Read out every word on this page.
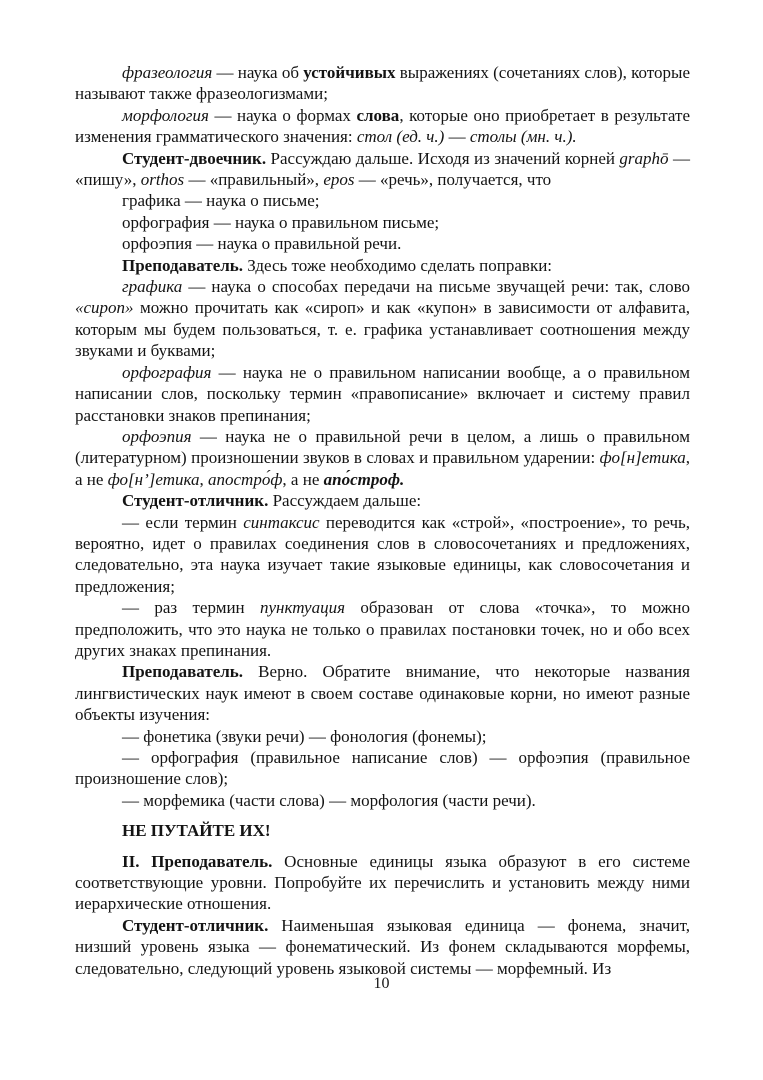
фразеология — наука об устойчивых выражениях (сочетаниях слов), которые называют также фразеологизмами;

морфология — наука о формах слова, которые оно приобретает в результате изменения грамматического значения: стол (ед. ч.) — столы (мн. ч.).

Студент-двоечник. Рассуждаю дальше. Исходя из значений корней graphō — «пишу», orthos — «правильный», epos — «речь», получается, что

графика — наука о письме;

орфография — наука о правильном письме;

орфоэпия — наука о правильной речи.

Преподаватель. Здесь тоже необходимо сделать поправки:

графика — наука о способах передачи на письме звучащей речи: так, слово «сироп» можно прочитать как «сироп» и как «купон» в зависимости от алфавита, которым мы будем пользоваться, т. е. графика устанавливает соотношения между звуками и буквами;

орфография — наука не о правильном написании вообще, а о правильном написании слов, поскольку термин «правописание» включает и систему правил расстановки знаков препинания;

орфоэпия — наука не о правильной речи в целом, а лишь о правильном (литературном) произношении звуков в словах и правильном ударении: фо[н]етика, а не фо[н’]етика, апостро́ф, а не апо́строф.

Студент-отличник. Рассуждаем дальше:

— если термин синтаксис переводится как «строй», «построение», то речь, вероятно, идет о правилах соединения слов в словосочетаниях и предложениях, следовательно, эта наука изучает такие языковые единицы, как словосочетания и предложения;

— раз термин пунктуация образован от слова «точка», то можно предположить, что это наука не только о правилах постановки точек, но и обо всех других знаках препинания.

Преподаватель. Верно. Обратите внимание, что некоторые названия лингвистических наук имеют в своем составе одинаковые корни, но имеют разные объекты изучения:

— фонетика (звуки речи) — фонология (фонемы);

— орфография (правильное написание слов) — орфоэпия (правильное произношение слов);

— морфемика (части слова) — морфология (части речи).

НЕ ПУТАЙТЕ ИХ!

II. Преподаватель. Основные единицы языка образуют в его системе соответствующие уровни. Попробуйте их перечислить и установить между ними иерархические отношения.

Студент-отличник. Наименьшая языковая единица — фонема, значит, низший уровень языка — фонематический. Из фонем складываются морфемы, следовательно, следующий уровень языковой системы — морфемный. Из

10
